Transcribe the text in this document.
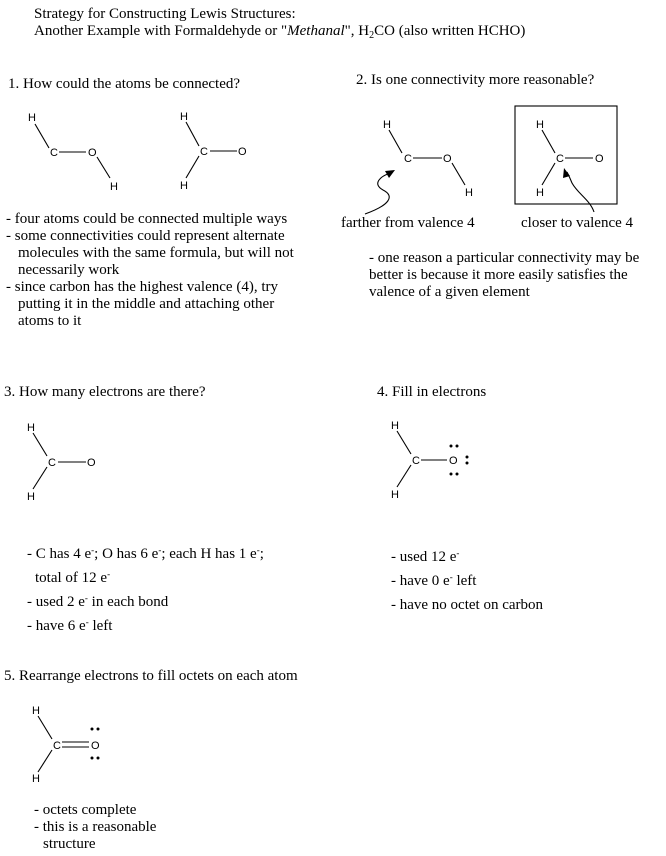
Strategy for Constructing Lewis Structures:
Another Example with Formaldehyde or "Methanal", $H_2CO$ (also written HCHO)
1. How could the atoms be connected?	2. Is one connectivity more reasonable?
3. How many electrons are there?	4. Fill in electrons
5. Rearrange electrons to fill octets on each atom
- four atoms could be connected multiple ways
- some connectivities could represent alternate molecules with the same formula, but will not necessarily work
- since carbon has the highest valence (4), try putting it in the middle and attaching other atoms to it
farther from valence 4	closer to valence 4
- one reason a particular connectivity may be better is because it more easily satisfies the valence of a given element
- C has 4 e-; O has 6 e-; each H has 1 e-;
total of 12 e-
- used 2 e- in each bond
- have 6 e- left
- used 12 e-
- have 0 e- left
- have no octet on carbon
- octets complete
- this is a reasonable structure
H
C	O
H
H
C	O
H
H
C	O
H
H
C	O
H
H
C	O
H
H
C	O
H
H
C	O
H
